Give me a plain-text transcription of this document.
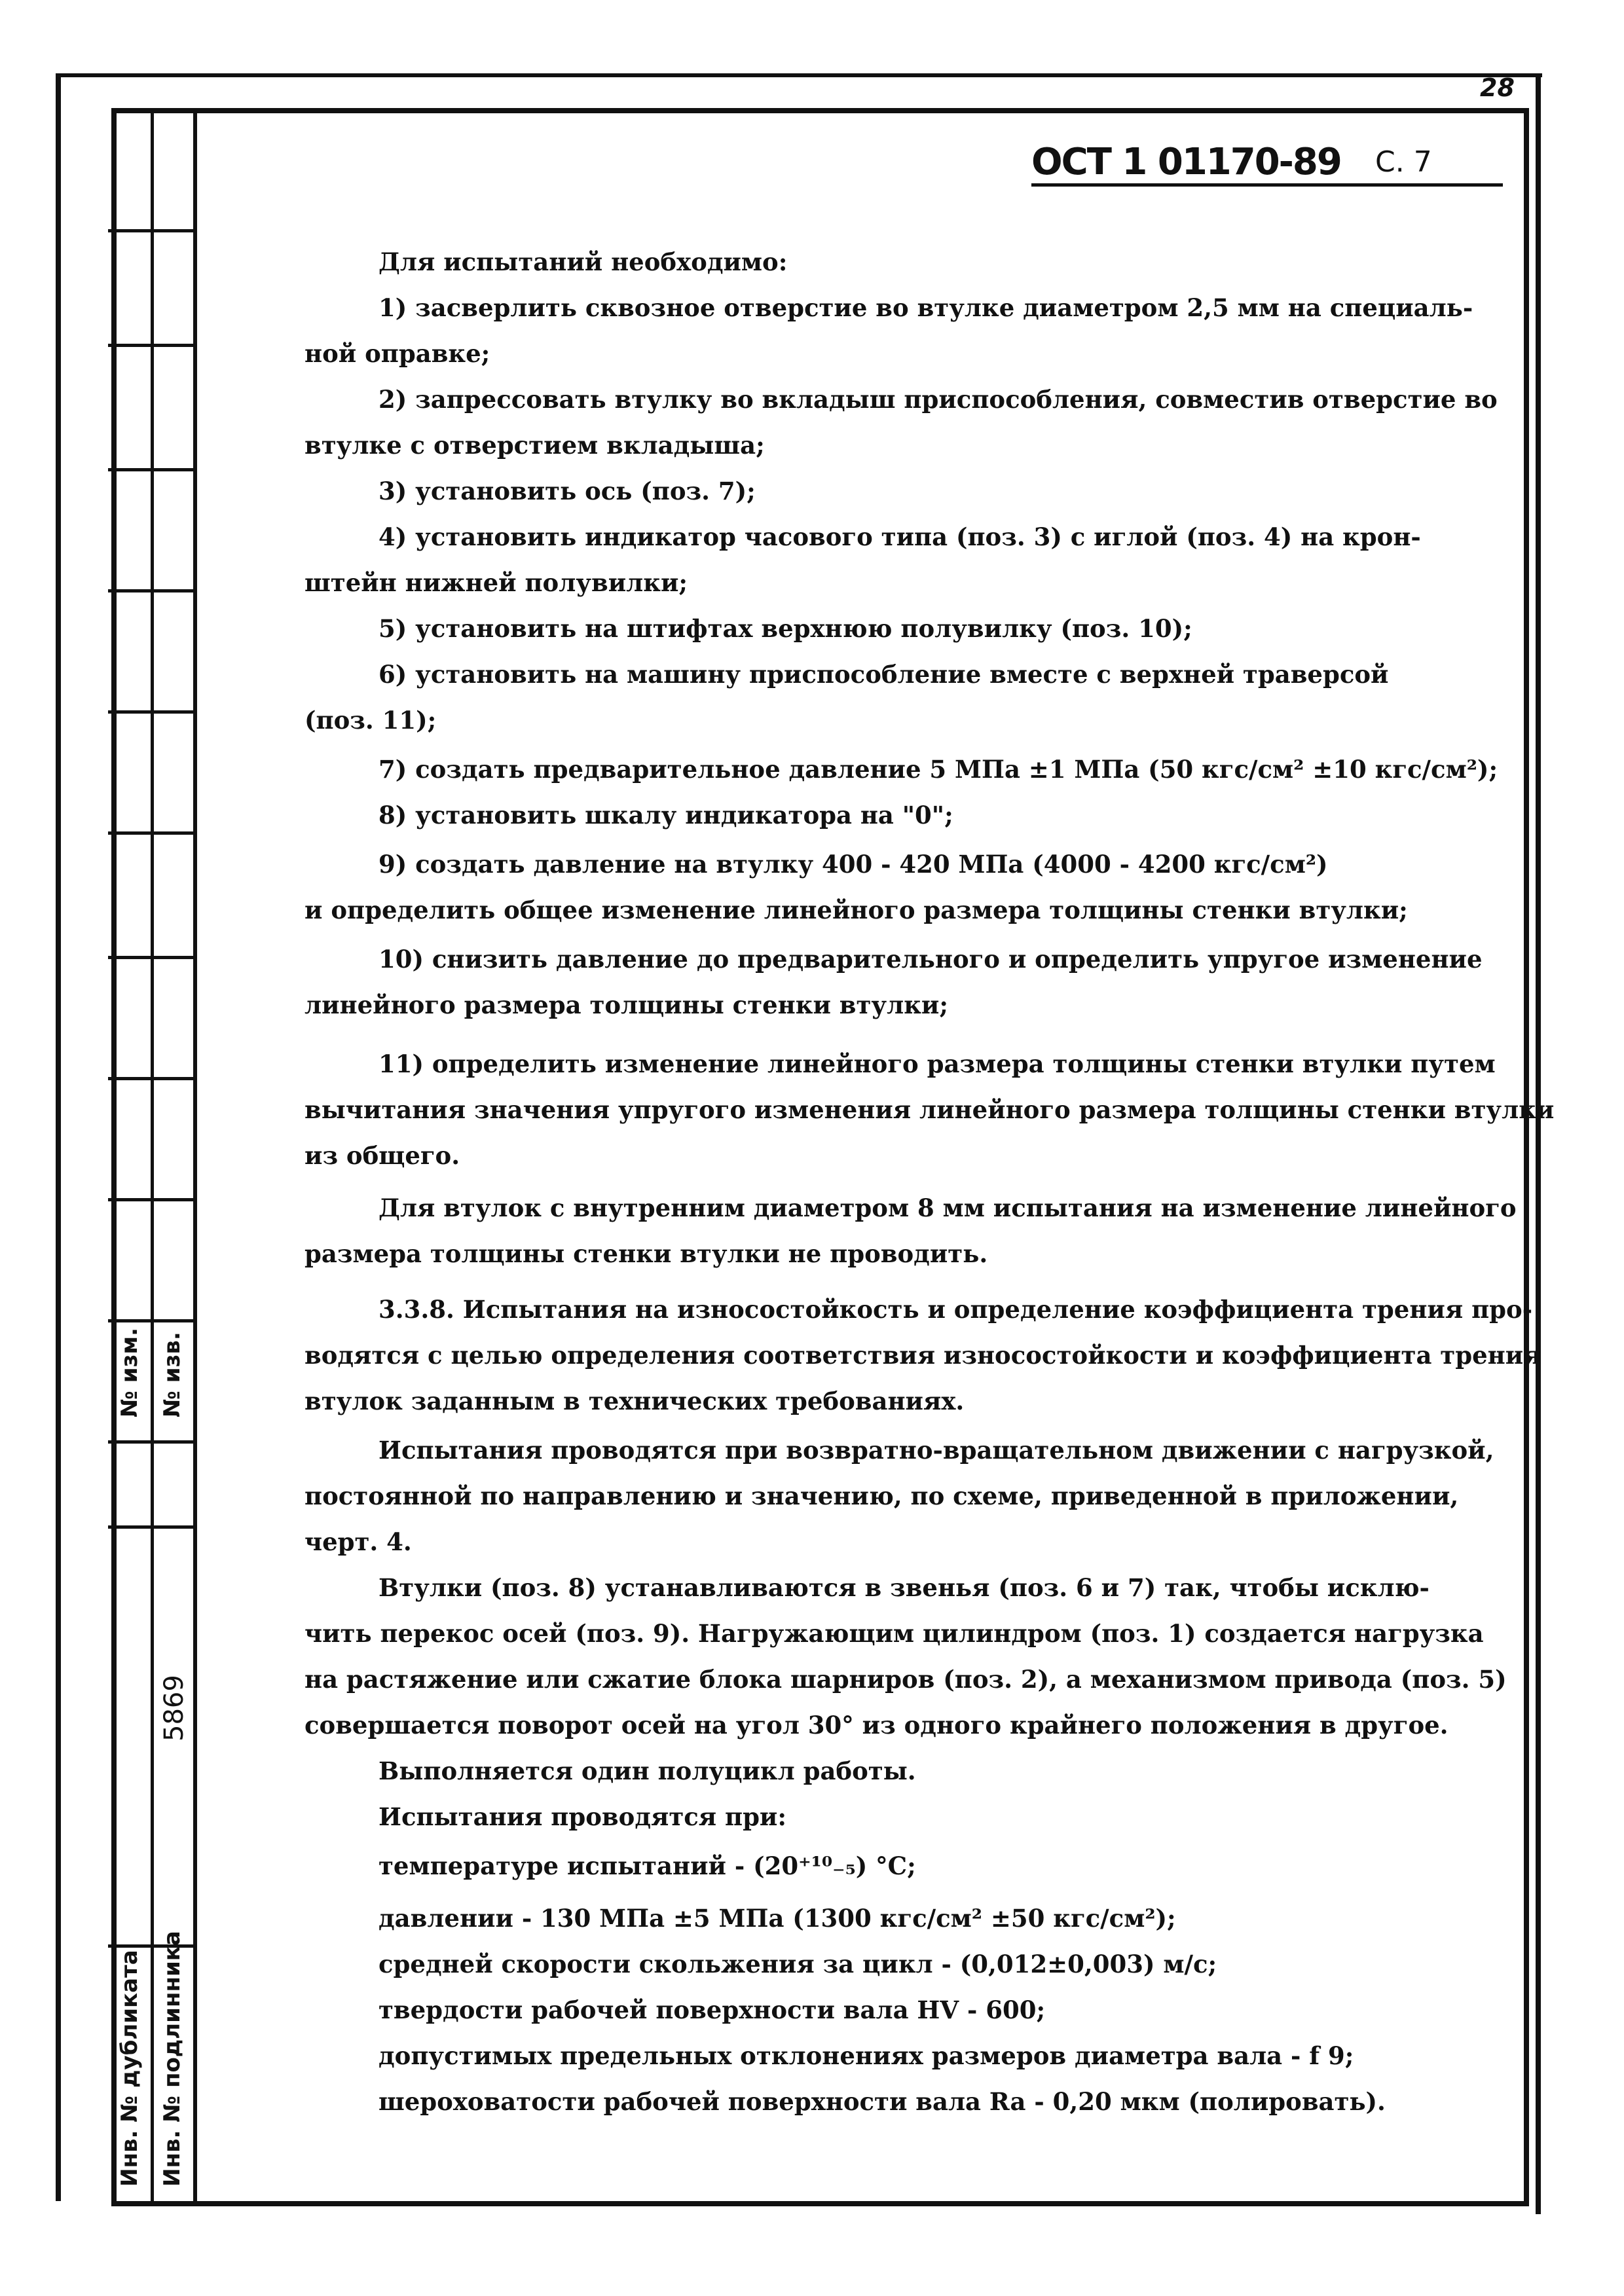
28
№ изм. № изв.
5869
Инв. № дубликата Инв. № подлинника
ОСТ 1 01170-89 С. 7
Для испытаний необходимо:
1) засверлить сквозное отверстие во втулке диаметром 2,5 мм на специаль-
ной оправке;
2) запрессовать втулку во вкладыш приспособления, совместив отверстие во
втулке с отверстием вкладыша;
3) установить ось (поз. 7);
4) установить индикатор часового типа (поз. 3) с иглой (поз. 4) на крон-
штейн нижней полувилки;
5) установить на штифтах верхнюю полувилку (поз. 10);
6) установить на машину приспособление вместе с верхней траверсой
(поз. 11);
7) создать предварительное давление 5 МПа ±1 МПа (50 кгс/см² ±10 кгс/см²);
8) установить шкалу индикатора на "0";
9) создать давление на втулку 400 - 420 МПа (4000 - 4200 кгс/см²)
и определить общее изменение линейного размера толщины стенки втулки;
10) снизить давление до предварительного и определить упругое изменение
линейного размера толщины стенки втулки;
11) определить изменение линейного размера толщины стенки втулки путем
вычитания значения упругого изменения линейного размера толщины стенки втулки
из общего.
Для втулок с внутренним диаметром 8 мм испытания на изменение линейного
размера толщины стенки втулки не проводить.
3.3.8. Испытания на износостойкость и определение коэффициента трения про-
водятся с целью определения соответствия износостойкости и коэффициента трения
втулок заданным в технических требованиях.
Испытания проводятся при возвратно-вращательном движении с нагрузкой,
постоянной по направлению и значению, по схеме, приведенной в приложении,
черт. 4.
Втулки (поз. 8) устанавливаются в звенья (поз. 6 и 7) так, чтобы исклю-
чить перекос осей (поз. 9). Нагружающим цилиндром (поз. 1) создается нагрузка
на растяжение или сжатие блока шарниров (поз. 2), а механизмом привода (поз. 5)
совершается поворот осей на угол 30° из одного крайнего положения в другое.
Выполняется один полуцикл работы.
Испытания проводятся при:
температуре испытаний - (20⁺¹⁰₋₅) °С;
давлении - 130 МПа ±5 МПа (1300 кгс/см² ±50 кгс/см²);
средней скорости скольжения за цикл - (0,012±0,003) м/с;
твердости рабочей поверхности вала HV - 600;
допустимых предельных отклонениях размеров диаметра вала - f 9;
шероховатости рабочей поверхности вала Ra - 0,20 мкм (полировать).
